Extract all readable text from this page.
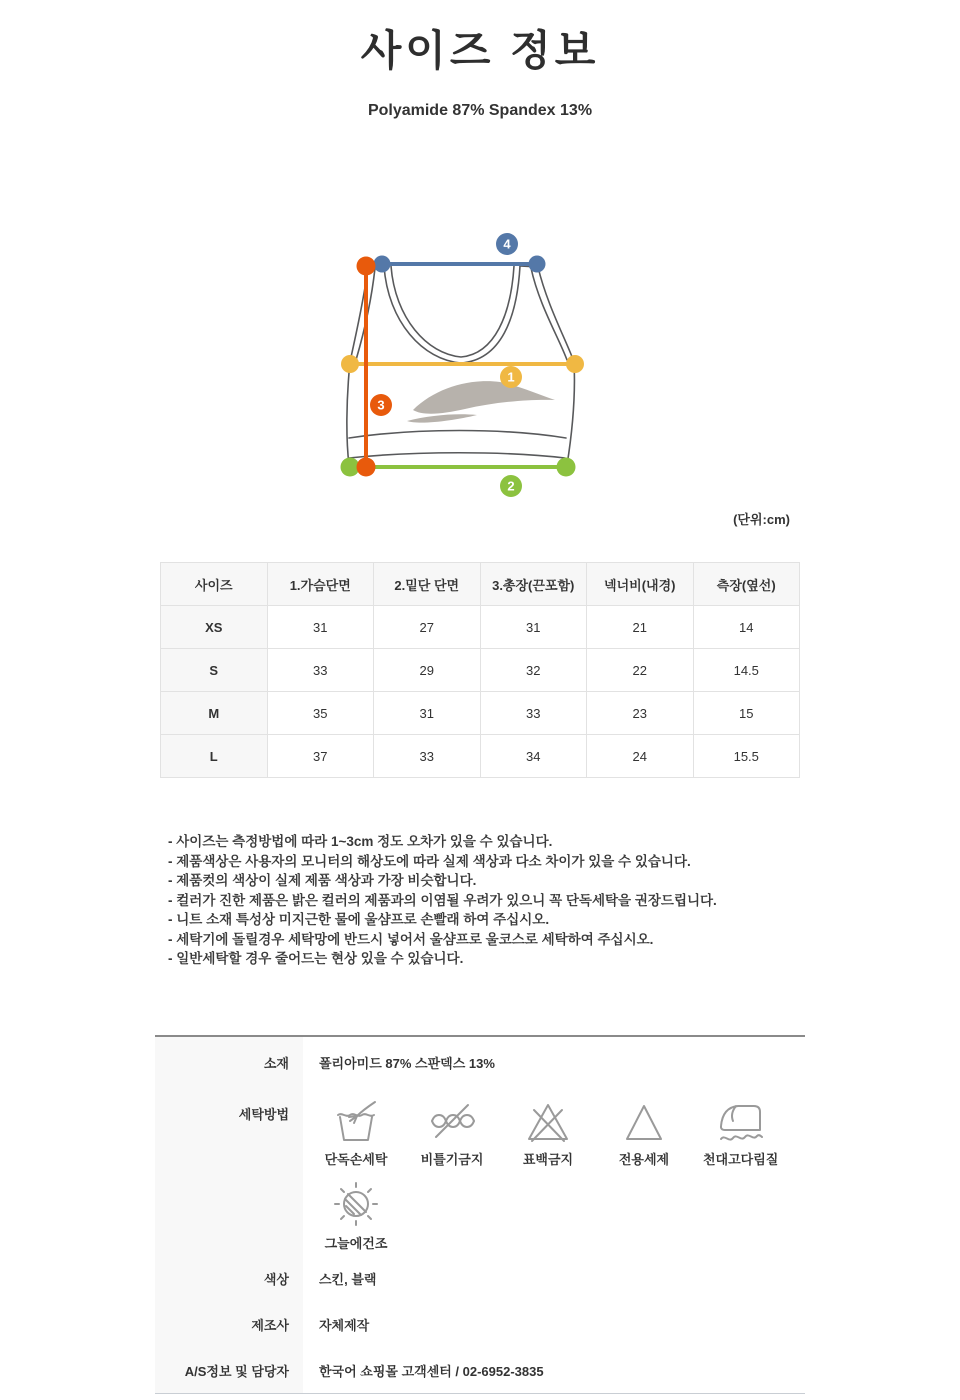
사이즈 정보
Polyamide 87% Spandex 13%
4
1
2
3
(단위:cm)
사이즈	1.가슴단면	2.밑단 단면	3.총장(끈포함)	넥너비(내경)	측장(옆선)
XS	31	27	31	21	14
S	33	29	32	22	14.5
M	35	31	33	23	15
L	37	33	34	24	15.5

- 사이즈는 측정방법에 따라 1~3cm 정도 오차가 있을 수 있습니다.

- 제품색상은 사용자의 모니터의 해상도에 따라 실제 색상과 다소 차이가 있을 수 있습니다.

- 제품컷의 색상이 실제 제품 색상과 가장 비슷합니다.

- 컬러가 진한 제품은 밝은 컬러의 제품과의 이염될 우려가 있으니 꼭 단독세탁을 권장드립니다.

- 니트 소재 특성상 미지근한 물에 울샴프로 손빨래 하여 주십시오.

- 세탁기에 돌릴경우 세탁망에 반드시 넣어서 울샴프로 울코스로 세탁하여 주십시오.

- 일반세탁할 경우 줄어드는 현상 있을 수 있습니다.

소재	폴리아미드 87% 스판덱스 13%
세탁방법	
단독손세탁	비틀기금지	표백금지	전용세제	천대고다림질
그늘에건조

색상	스킨, 블랙
제조사	자체제작
A/S정보 및 담당자	한국어 쇼핑몰 고객센터 / 02-6952-3835
